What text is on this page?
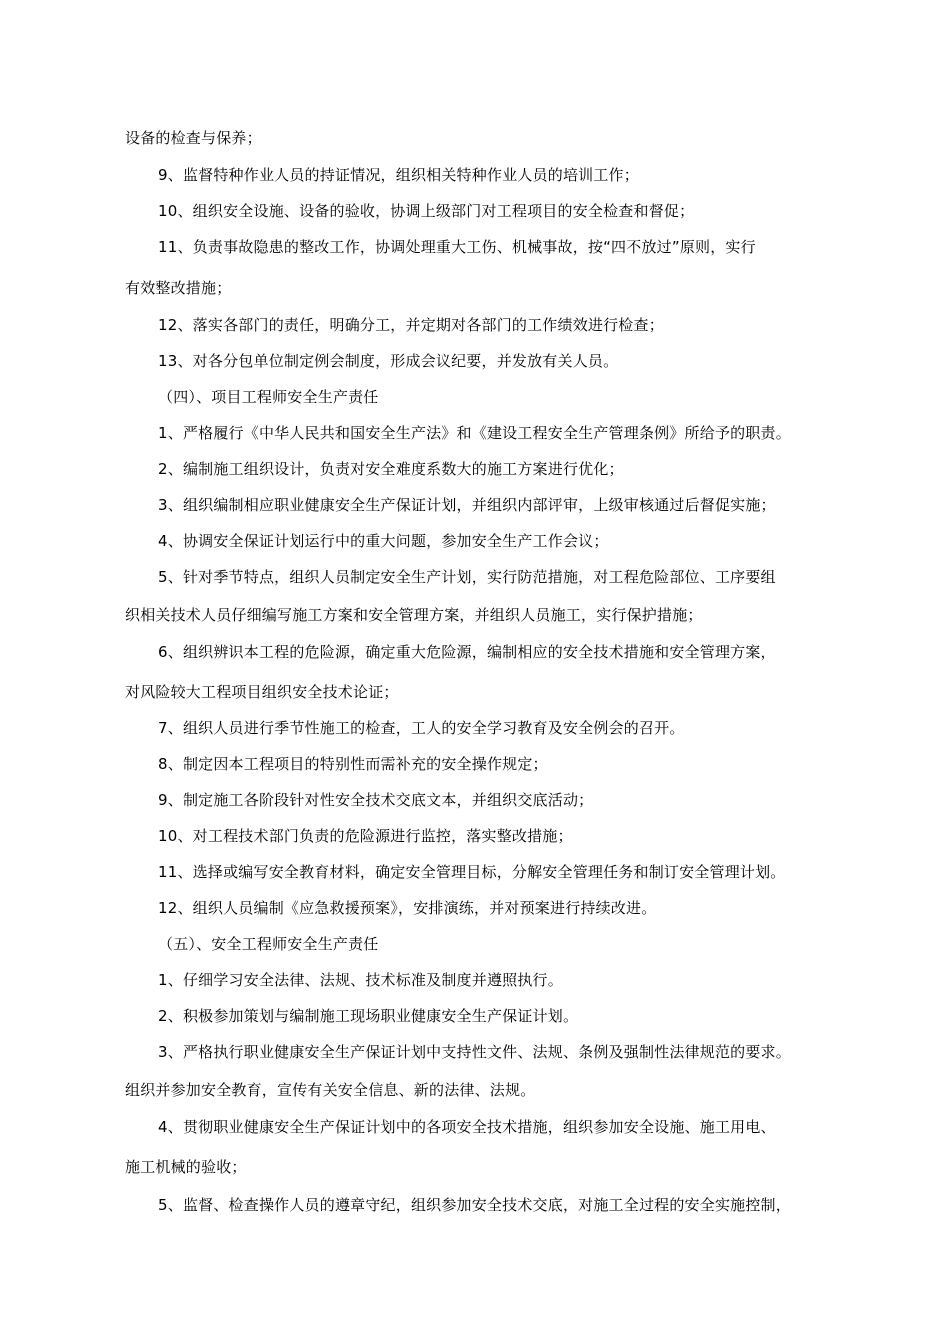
设备的检查与保养；
9、监督特种作业人员的持证情况，组织相关特种作业人员的培训工作；
10、组织安全设施、设备的验收，协调上级部门对工程项目的安全检查和督促；
11、负责事故隐患的整改工作，协调处理重大工伤、机械事故，按“四不放过”原则，实行
有效整改措施；
12、落实各部门的责任，明确分工，并定期对各部门的工作绩效进行检查；
13、对各分包单位制定例会制度，形成会议纪要，并发放有关人员。
（四）、项目工程师安全生产责任
1、严格履行《中华人民共和国安全生产法》和《建设工程安全生产管理条例》所给予的职责。
2、编制施工组织设计，负责对安全难度系数大的施工方案进行优化；
3、组织编制相应职业健康安全生产保证计划，并组织内部评审，上级审核通过后督促实施；
4、协调安全保证计划运行中的重大问题，参加安全生产工作会议；
5、针对季节特点，组织人员制定安全生产计划，实行防范措施，对工程危险部位、工序要组
织相关技术人员仔细编写施工方案和安全管理方案，并组织人员施工，实行保护措施；
6、组织辨识本工程的危险源，确定重大危险源，编制相应的安全技术措施和安全管理方案，
对风险较大工程项目组织安全技术论证；
7、组织人员进行季节性施工的检查，工人的安全学习教育及安全例会的召开。
8、制定因本工程项目的特别性而需补充的安全操作规定；
9、制定施工各阶段针对性安全技术交底文本，并组织交底活动；
10、对工程技术部门负责的危险源进行监控，落实整改措施；
11、选择或编写安全教育材料，确定安全管理目标，分解安全管理任务和制订安全管理计划。
12、组织人员编制《应急救援预案》，安排演练，并对预案进行持续改进。
（五）、安全工程师安全生产责任
1、仔细学习安全法律、法规、技术标准及制度并遵照执行。
2、积极参加策划与编制施工现场职业健康安全生产保证计划。
3、严格执行职业健康安全生产保证计划中支持性文件、法规、条例及强制性法律规范的要求。
组织并参加安全教育，宣传有关安全信息、新的法律、法规。
4、贯彻职业健康安全生产保证计划中的各项安全技术措施，组织参加安全设施、施工用电、
施工机械的验收；
5、监督、检查操作人员的遵章守纪，组织参加安全技术交底，对施工全过程的安全实施控制，
